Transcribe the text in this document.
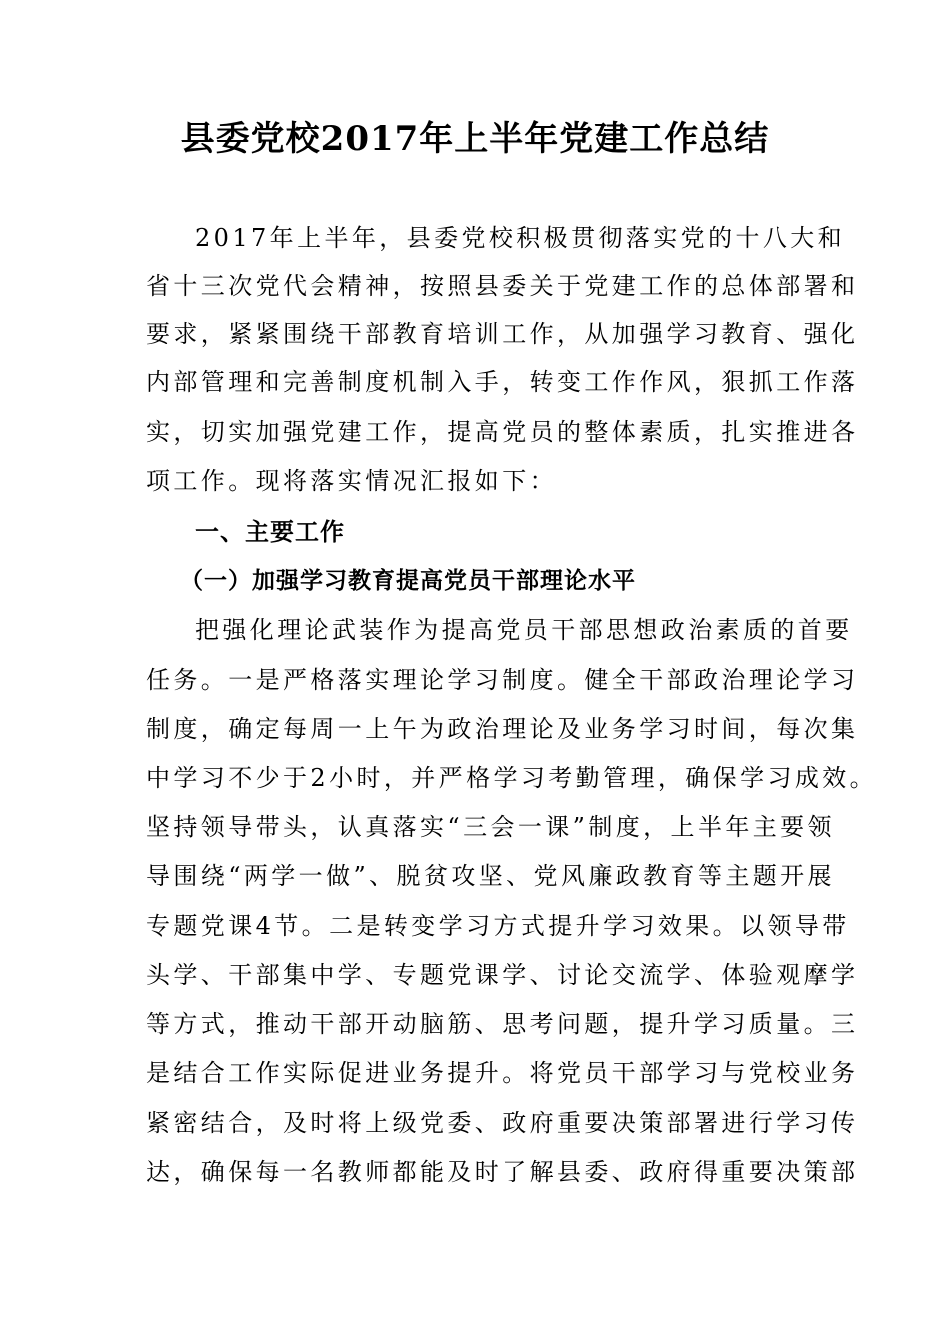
县委党校2017年上半年党建工作总结
2017年上半年，县委党校积极贯彻落实党的十八大和
省十三次党代会精神，按照县委关于党建工作的总体部署和
要求，紧紧围绕干部教育培训工作，从加强学习教育、强化
内部管理和完善制度机制入手，转变工作作风，狠抓工作落
实，切实加强党建工作，提高党员的整体素质，扎实推进各
项工作。现将落实情况汇报如下：
一、主要工作
（一）加强学习教育提高党员干部理论水平
把强化理论武装作为提高党员干部思想政治素质的首要
任务。一是严格落实理论学习制度。健全干部政治理论学习
制度，确定每周一上午为政治理论及业务学习时间，每次集
中学习不少于2小时，并严格学习考勤管理，确保学习成效。
坚持领导带头，认真落实“三会一课”制度，上半年主要领
导围绕“两学一做”、脱贫攻坚、党风廉政教育等主题开展
专题党课4节。二是转变学习方式提升学习效果。以领导带
头学、干部集中学、专题党课学、讨论交流学、体验观摩学
等方式，推动干部开动脑筋、思考问题，提升学习质量。三
是结合工作实际促进业务提升。将党员干部学习与党校业务
紧密结合，及时将上级党委、政府重要决策部署进行学习传
达，确保每一名教师都能及时了解县委、政府得重要决策部
